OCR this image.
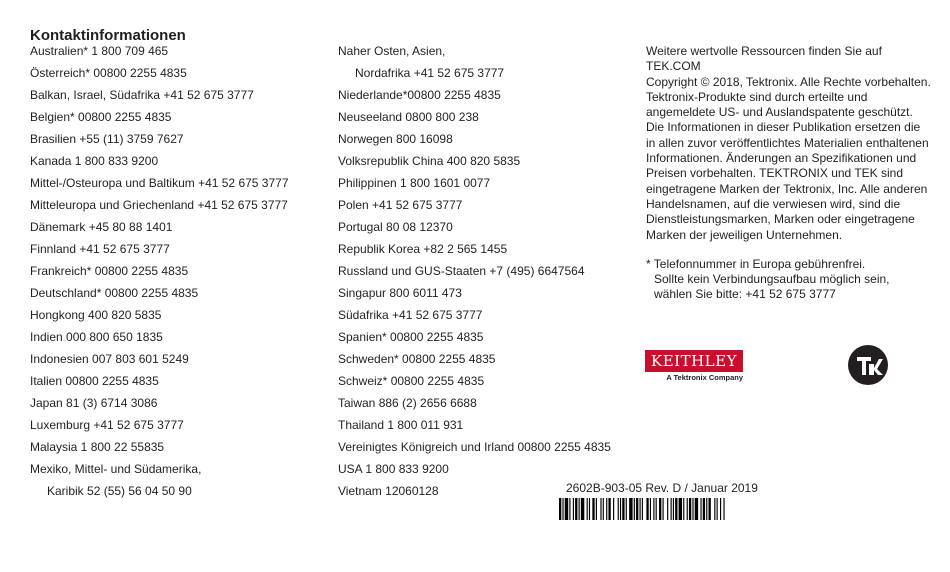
Kontaktinformationen
Australien* 1 800 709 465
Österreich* 00800 2255 4835
Balkan, Israel, Südafrika +41 52 675 3777
Belgien* 00800 2255 4835
Brasilien +55 (11) 3759 7627
Kanada 1 800 833 9200
Mittel-/Osteuropa und Baltikum +41 52 675 3777
Mitteleuropa und Griechenland +41 52 675 3777
Dänemark +45 80 88 1401
Finnland +41 52 675 3777
Frankreich* 00800 2255 4835
Deutschland* 00800 2255 4835
Hongkong 400 820 5835
Indien 000 800 650 1835
Indonesien 007 803 601 5249
Italien 00800 2255 4835
Japan 81 (3) 6714 3086
Luxemburg +41 52 675 3777
Malaysia 1 800 22 55835
Mexiko, Mittel- und Südamerika,
Karibik 52 (55) 56 04 50 90
Naher Osten, Asien,
Nordafrika +41 52 675 3777
Niederlande*00800 2255 4835
Neuseeland 0800 800 238
Norwegen 800 16098
Volksrepublik China 400 820 5835
Philippinen 1 800 1601 0077
Polen +41 52 675 3777
Portugal 80 08 12370
Republik Korea +82 2 565 1455
Russland und GUS-Staaten +7 (495) 6647564
Singapur 800 6011 473
Südafrika +41 52 675 3777
Spanien* 00800 2255 4835
Schweden* 00800 2255 4835
Schweiz* 00800 2255 4835
Taiwan 886 (2) 2656 6688
Thailand 1 800 011 931
Vereinigtes Königreich und Irland 00800 2255 4835
USA 1 800 833 9200
Vietnam 12060128

Weitere wertvolle Ressourcen finden Sie auf TEK.COM

Copyright © 2018, Tektronix. Alle Rechte vorbehalten.

Tektronix-Produkte sind durch erteilte und angemeldete US- und Auslandspatente geschützt. Die Informationen in dieser Publikation ersetzen die in allen zuvor veröffentlichtes Materialien enthaltenen Informationen. Änderungen an Spezifikationen und Preisen vorbehalten. TEKTRONIX und TEK sind eingetragene Marken der Tektronix, Inc. Alle anderen Handelsnamen, auf die verwiesen wird, sind die Dienstleistungsmarken, Marken oder eingetragene Marken der jeweiligen Unternehmen.

* Telefonnummer in Europa gebührenfrei.

Sollte kein Verbindungsaufbau möglich sein,

wählen Sie bitte: +41 52 675 3777

KEITHLEY
A Tektronix Company
2602B-903-05 Rev. D / Januar 2019
